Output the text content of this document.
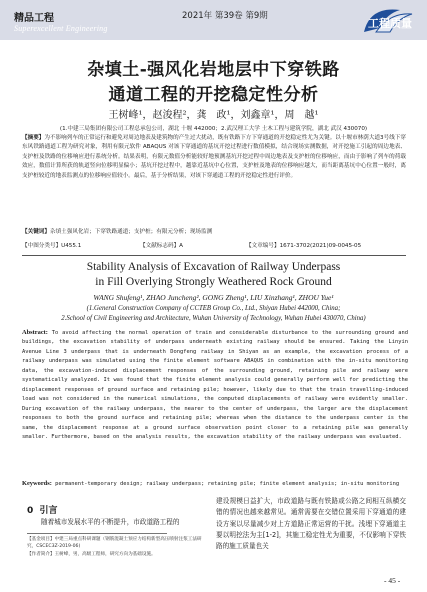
精品工程
Superexcellent Engineering
2021年 第39卷 第9期
工程质量
杂填土-强风化岩地层中下穿铁路
通道工程的开挖稳定性分析
王树峰¹，赵浚程²，龚　政¹，刘鑫章¹，周　越¹
(1.中建三局集团有限公司工程总承包公司，湖北 十堰 442000；2.武汉理工大学 土木工程与建筑学院，湖北 武汉 430070)
【摘要】为不影响列车的正常运行和避免对周边地表及建筑物的产生过大扰动，既有铁路下方下穿通道的开挖稳定性尤为关键。以十堰市林荫大道3号线下穿东风铁路通道工程为研究对象，利用有限元软件 ABAQUS 对该下穿通道的基坑开挖过程进行数值模拟，结合现场实测数据，对开挖施工引起的周边地表、支护桩及铁路的位移响应进行系统分析。结果表明，有限元数值分析能较好地预测基坑开挖过程中周边地表及支护桩的位移响应，而由于影响了列车的荷载效应，数值计算所获的轨道竖向位移明显偏小；基坑开挖过程中，越靠近基坑中心位置，支护桩及地表的位移响应越大，而当距离基坑中心位置一般时，离支护桩较近的地表监测点的位移响应值较小。最后，基于分析结果，对该下穿通道工程的开挖稳定性进行评价。
【关键词】杂填土强风化岩；下穿铁路通道；支护桩；有限元分析；现场监测
【中图分类号】U455.1	【文献标志码】A	【文章编号】1671-3702(2021)09-0045-05
Stability Analysis of Excavation of Railway Underpass
in Fill Overlying Strongly Weathered Rock Ground
WANG Shufeng¹, ZHAO Juncheng², GONG Zheng¹, LIU Xinzhang¹, ZHOU Yue¹
(1.General Construction Company of CCTEB Group Co., Ltd., Shiyan Hubei 442000, China;
2.School of Civil Engineering and Architecture, Wuhan University of Technology, Wuhan Hubei 430070, China)
Abstract: To avoid affecting the normal operation of train and considerable disturbance to the surrounding ground and buildings, the excavation stability of underpass underneath existing railway should be ensured. Taking the Linyin Avenue Line 3 underpass that is underneath Dongfeng railway in Shiyan as an example, the excavation process of a railway underpass was simulated using the finite element software ABAQUS in combination with the in-situ monitoring data, the excavation-induced displacement responses of the surrounding ground, retaining pile and railway were systematically analyzed. It was found that the finite element analysis could generally perform well for predicting the displacement responses of ground surface and retaining pile; however, likely due to that the train travelling-induced load was not considered in the numerical simulations, the computed displacements of railway were evidently smaller. During excavation of the railway underpass, the nearer to the center of underpass, the larger are the displacement responses to both the ground surface and retaining pile; whereas when the distance to the underpass center is the same, the displacement response at a ground surface observation point closer to a retaining pile was generally smaller. Furthermore, based on the analysis results, the excavation stability of the railway underpass was evaluated.
Keywords: permanent-temporary design; railway underpass; retaining pile; finite element analysis; in-situ monitoring
0 引言
随着城市发展水平的不断提升，市政道路工程的
【基金项目】中建三局重点科研课题（钢筋混凝土预应力结构新型高压喷射注浆工法研究，CSCEC3Z-2019-06)
【作者简介】王树峰，男，高级工程师，研究方向为基础设施。
建设规模日益扩大，市政道路与既有铁路或公路之间相互纵横交错的情况也越来越常见。通常需要在交错位置采用下穿通道的建设方案以尽量减少对上方道路正常运营的干扰。浅埋下穿通道主要以明挖法为主[1-2]，其施工稳定性尤为重要，不仅影响下穿铁路的施工质量也关
- 45 -
